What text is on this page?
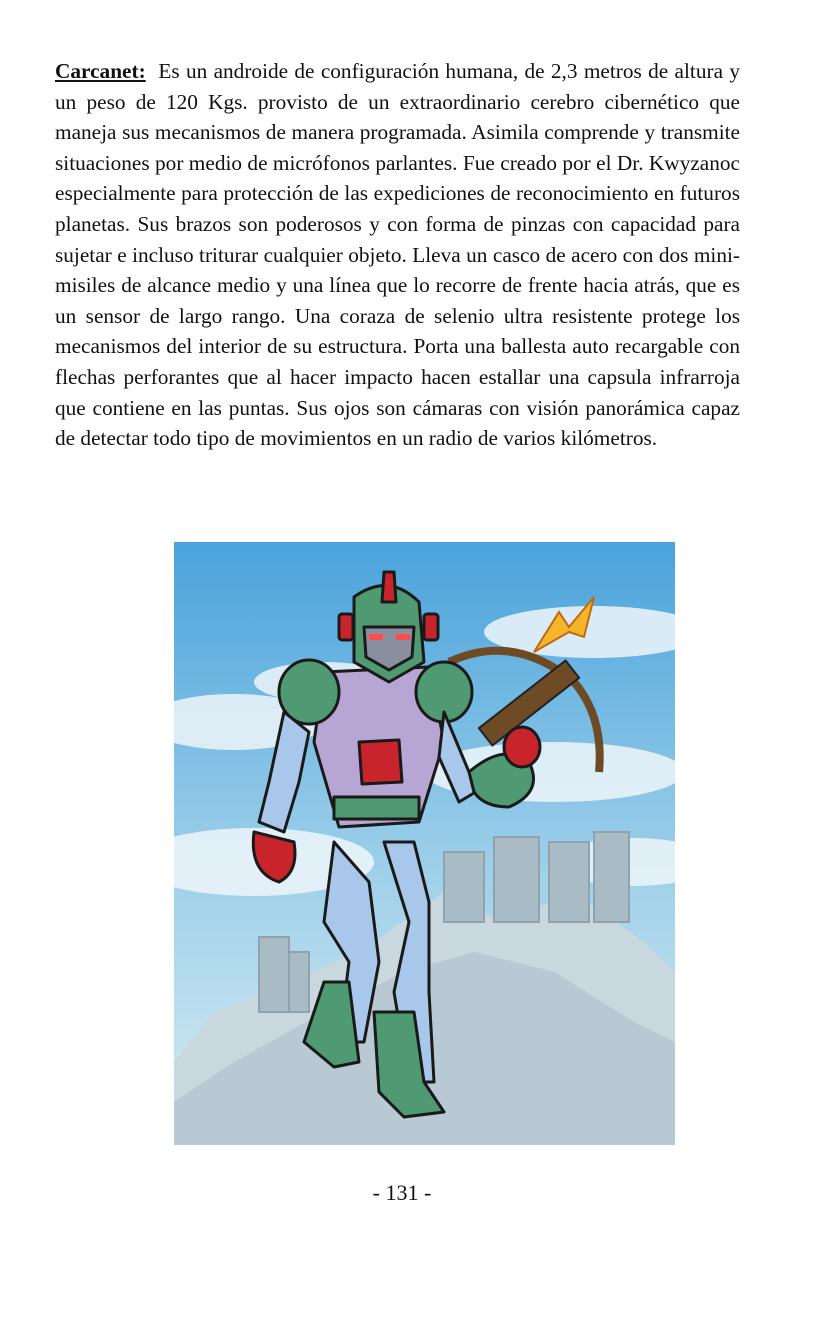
Carcanet: Es un androide de configuración humana, de 2,3 metros de altura y un peso de 120 Kgs. provisto de un extraordinario cerebro cibernético que maneja sus mecanismos de manera programada. Asimila comprende y transmite situaciones por medio de micrófonos parlantes. Fue creado por el Dr. Kwyzanoc especialmente para protección de las expediciones de reconocimiento en futuros planetas. Sus brazos son poderosos y con forma de pinzas con capacidad para sujetar e incluso triturar cualquier objeto. Lleva un casco de acero con dos mini-misiles de alcance medio y una línea que lo recorre de frente hacia atrás, que es un sensor de largo rango. Una coraza de selenio ultra resistente protege los mecanismos del interior de su estructura. Porta una ballesta auto recargable con flechas perforantes que al hacer impacto hacen estallar una capsula infrarroja que contiene en las puntas. Sus ojos son cámaras con visión panorámica capaz de detectar todo tipo de movimientos en un radio de varios kilómetros.
- 131 -
